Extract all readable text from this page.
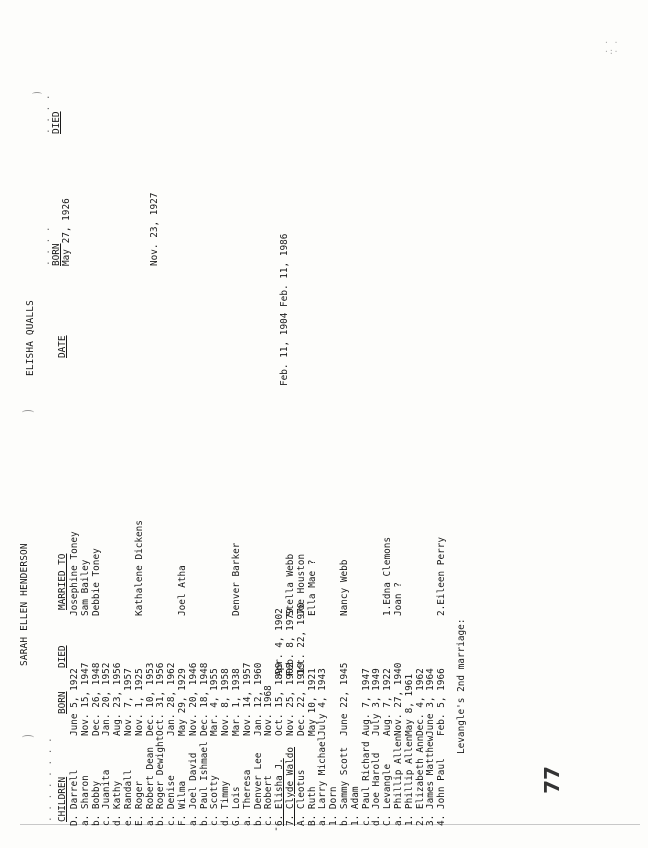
· ·
·:·
SARAH ELLEN HENDERSON
. . . . . . . . CHILDREN
BORN
DIED
MARRIED TO
D. Darrell
June 5, 1922
Josephine Toney
a. Sharon
Nov. 15, 1947
Sam Bailey
b. Bobby
Dec. 26, 1948
Debbie Toney
c. Juanita
Jan. 20, 1952
d. Kathy
Aug. 23, 1956
e. Randall
Nov. 7, 1957
E. Roger
Nov. 1, 1925
Kathalene Dickens
a. Robert Dean
Dec. 10, 1953
b. Roger Dewight
Oct. 31, 1956
c. Denise
Jan. 28, 1962
F. Wilma
May 29, 1929
Joel Atha
a. Joel David
Nov. 20, 1946
b. Paul Ishmael
Dec. 18, 1948
c. Scotty
Mar. 4, 1955
d. Timmy
Nov. 8, 1958
G. Lois
Mar. 1, 1938
Denver Barker
a. Theresa
Nov. 14, 1957
b. Denver Lee
Jan. 12, 1960
c. Robert
Nov. 1968
6. Elisha J.
Oct. 15, 1899
Apr. 4, 1902
7. Clyde Waldo
Nov. 25, 1902
Feb. 8, 1979
Stella Webb
A. Cleotus
Dec. 22, 1919
Oct. 22, 1970
Joe Houston
B. Ruth
May 10, 1921
Ella Mae ?
a. Larry Michael
July 4, 1943
1. Dorn b. Sammy Scott
June 22, 1945
Nancy Webb
1. Adam c. Paul Richard
Aug. 7, 1947
d. Joe Harold
July 3, 1949
C. Levangle
Aug. 7, 1922
1.Edna Clemons
a. Phillip Allen
Nov. 27, 1940
Joan ?
1. Phillip Allen
May 8, 1961
2. Elizabeth Ann
Dec. 4, 1962
3. James Matthew
June 3, 1964
4. John Paul
Feb. 5, 1966
2.Eileen Perry
Levangle's 2nd marriage:
-
ELISHA QUALLS DATE
. . . . BORN
. . . . DIED
May 27, 1926	Nov. 23, 1927
Feb. 11, 1904 Feb. 11, 1986
77
